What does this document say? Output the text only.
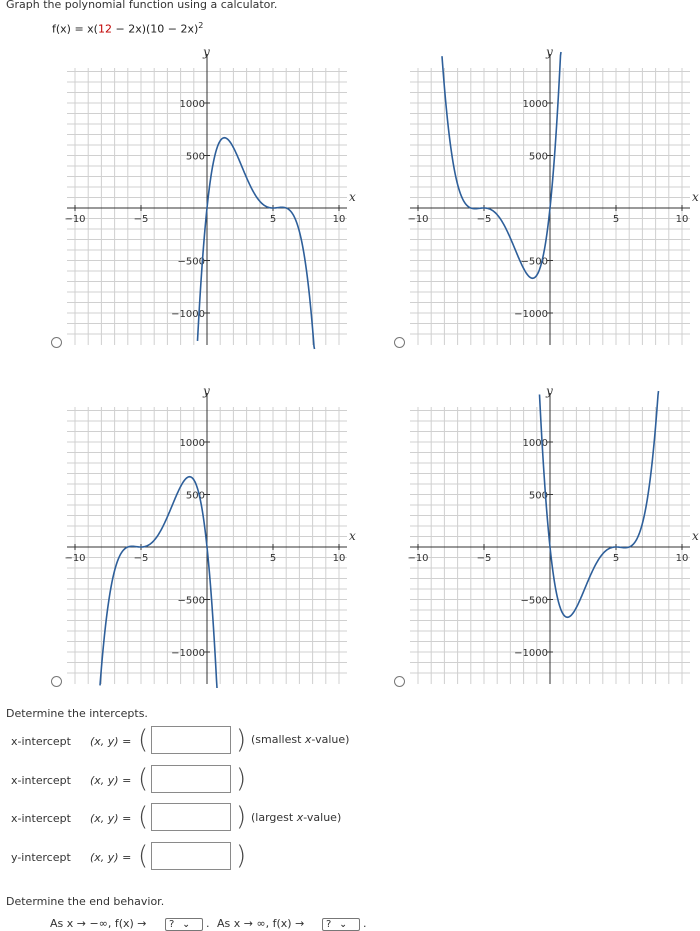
Graph the polynomial function using a calculator.
$f(x) = x(12 - 2x)(10 - 2x)^2$
y
x
−10	−5	5	10
1000
500
−500
−1000
y
x
−10	−5	5	10
1000
500
−500
−1000
y
x
−10	−5	5	10
1000
500
−500
−1000
y
x
−10	−5	5	10
1000
500
−500
−1000
Determine the intercepts.
x-intercept (x, y) = (	) (smallest x-value)
x-intercept (x, y) = (	)
x-intercept (x, y) = (	) (largest x-value)
y-intercept (x, y) = (	)
Determine the end behavior.
As x → −∞, f(x) →	? ⌄	. As x → ∞, f(x) →	? ⌄	.
